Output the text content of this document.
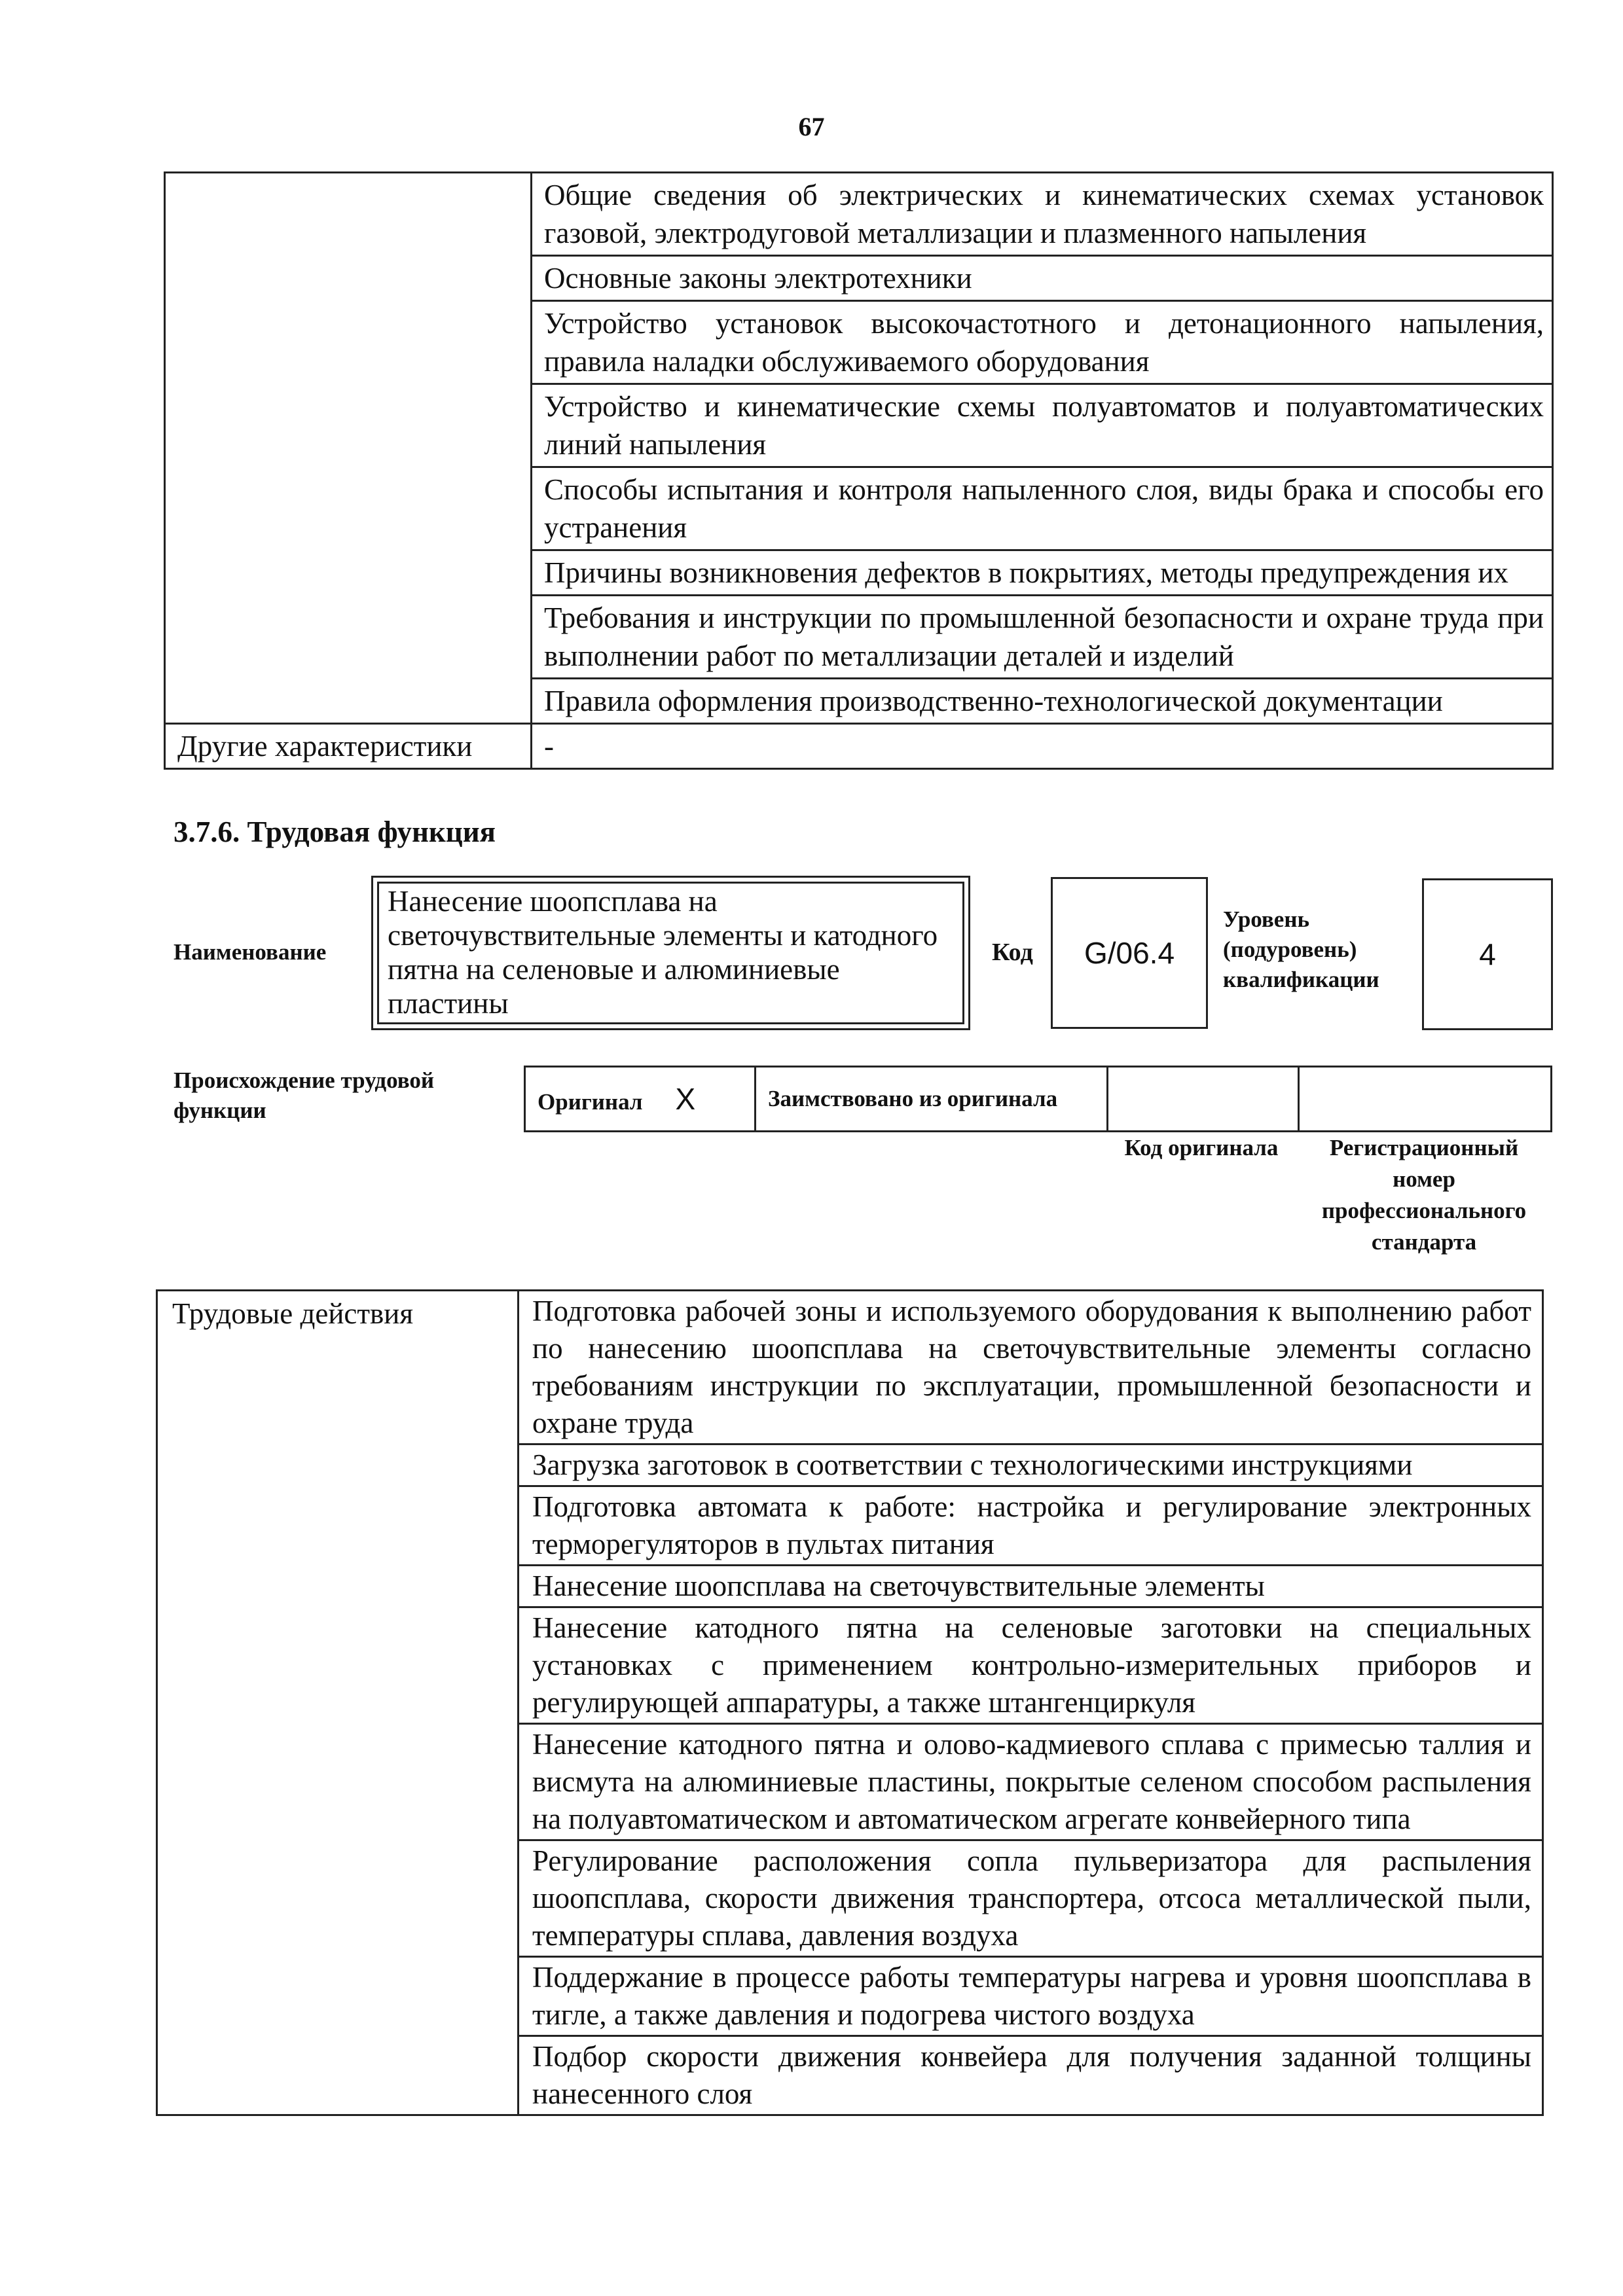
67
	Общие сведения об электрических и кинематических схемах установок газовой, электродуговой металлизации и плазменного напыления
	Основные законы электротехники
	Устройство установок высокочастотного и детонационного напыления, правила наладки обслуживаемого оборудования
	Устройство и кинематические схемы полуавтоматов и полуавтоматических линий напыления
	Способы испытания и контроля напыленного слоя, виды брака и способы его устранения
	Причины возникновения дефектов в покрытиях, методы предупреждения их
	Требования и инструкции по промышленной безопасности и охране труда при выполнении работ по металлизации деталей и изделий
	Правила оформления производственно-технологической документации
Другие характеристики	-
3.7.6. Трудовая функция
Наименование
Нанесение шоопсплава на светочувствительные элементы и катодного пятна на селеновые и алюминиевые пластины
Код G/06.4
Уровень (подуровень) квалификации
4
Происхождение трудовой функции	Оригинал X	Заимствовано из оригинала		
Код оригинала	Регистрационный номер профессионального стандарта
Трудовые действия	Подготовка рабочей зоны и используемого оборудования к выполнению работ по нанесению шоопсплава на светочувствительные элементы согласно требованиям инструкции по эксплуатации, промышленной безопасности и охране труда
Загрузка заготовок в соответствии с технологическими инструкциями
Подготовка автомата к работе: настройка и регулирование электронных терморегуляторов в пультах питания
Нанесение шоопсплава на светочувствительные элементы
Нанесение катодного пятна на селеновые заготовки на специальных установках с применением контрольно-измерительных приборов и регулирующей аппаратуры, а также штангенциркуля
Нанесение катодного пятна и олово-кадмиевого сплава с примесью таллия и висмута на алюминиевые пластины, покрытые селеном способом распыления на полуавтоматическом и автоматическом агрегате конвейерного типа
Регулирование расположения сопла пульверизатора для распыления шоопсплава, скорости движения транспортера, отсоса металлической пыли, температуры сплава, давления воздуха
Поддержание в процессе работы температуры нагрева и уровня шоопсплава в тигле, а также давления и подогрева чистого воздуха
Подбор скорости движения конвейера для получения заданной толщины нанесенного слоя
